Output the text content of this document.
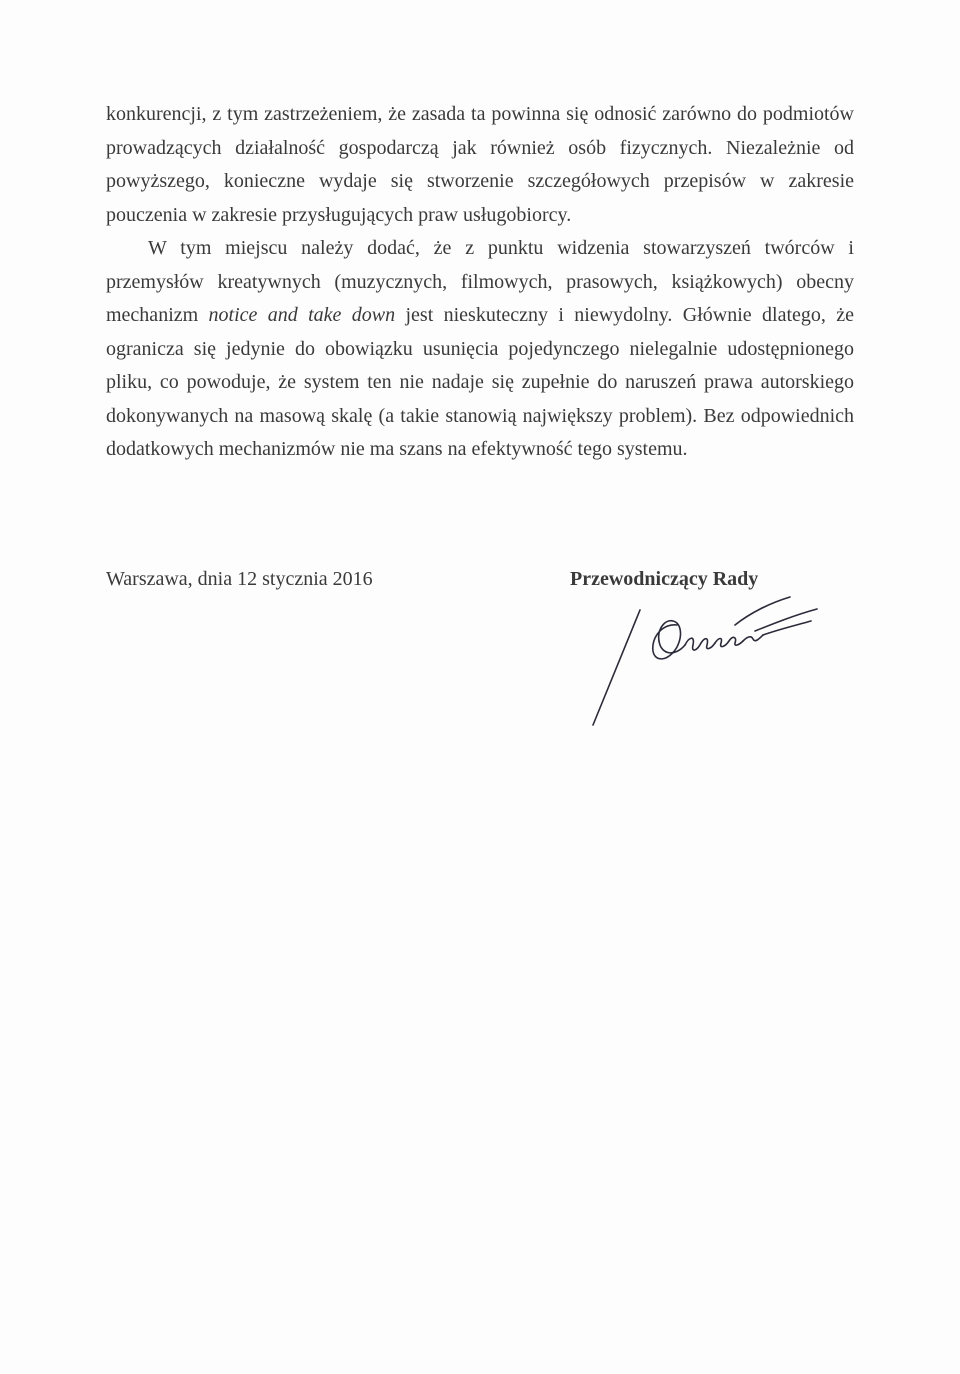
konkurencji, z tym zastrzeżeniem, że zasada ta powinna się odnosić zarówno do podmiotów prowadzących działalność gospodarczą jak również osób fizycznych. Niezależnie od powyższego, konieczne wydaje się stworzenie szczegółowych przepisów w zakresie pouczenia w zakresie przysługujących praw usługobiorcy.

W tym miejscu należy dodać, że z punktu widzenia stowarzyszeń twórców i przemysłów kreatywnych (muzycznych, filmowych, prasowych, książkowych) obecny mechanizm notice and take down jest nieskuteczny i niewydolny. Głównie dlatego, że ogranicza się jedynie do obowiązku usunięcia pojedynczego nielegalnie udostępnionego pliku, co powoduje, że system ten nie nadaje się zupełnie do naruszeń prawa autorskiego dokonywanych na masową skalę (a takie stanowią największy problem). Bez odpowiednich dodatkowych mechanizmów nie ma szans na efektywność tego systemu.

Warszawa, dnia 12 stycznia 2016	Przewodniczący Rady
